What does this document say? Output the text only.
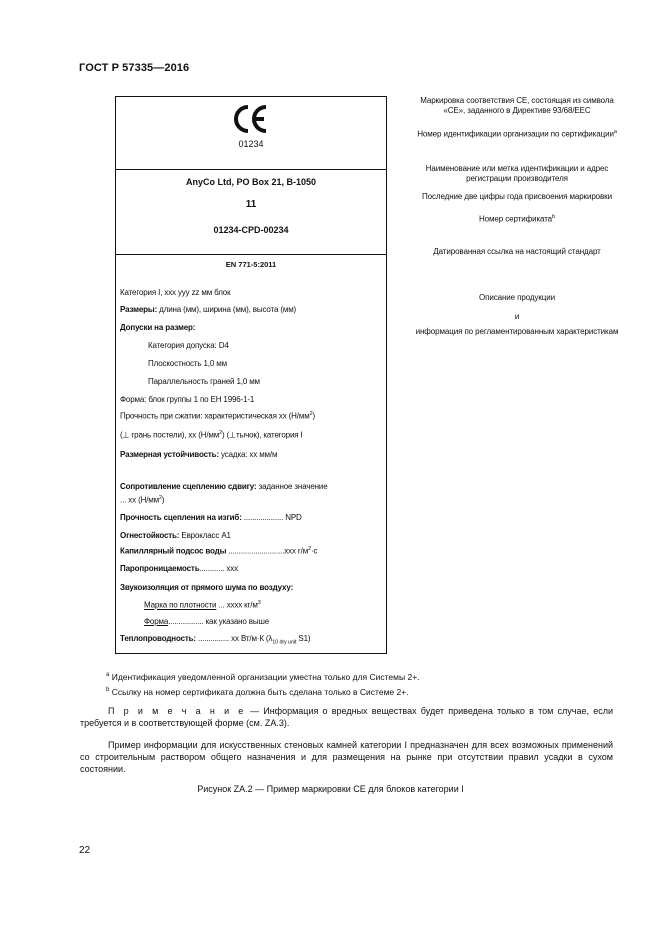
ГОСТ Р 57335—2016
01234
AnyCo Ltd, PO Box 21, B-1050
11
01234-CPD-00234
EN 771-5:2011
Категория I, ххх ууу zz мм блок
Размеры: длина (мм), ширина (мм), высота (мм)
Допуски на размер:
Категория допуска: D4
Плоскостность 1,0 мм
Параллельность граней 1,0 мм
Форма: блок группы 1 по ЕН 1996-1-1
Прочность при сжатии: характеристическая хх $(Н/мм^2)$
(⊥ грань постели), хх $(Н/мм^2)$ (⊥тычок), категория I
Размерная устойчивость: усадка: хх мм/м
Сопротивление сцеплению сдвигу: заданное значение
... хх $(Н/мм^2)$
Прочность сцепления на изгиб: ................... NPD
Огнестойкость: Еврокласс А1
Капиллярный подсос воды ...........................ххх $г/м^2\cdot с$
Паропроницаемость............ ххх
Звукоизоляция от прямого шума по воздуху:
Марка по плотности ... хххх $кг/м^3$
Форма................. как указано выше
Теплопроводность: ............... хх Вт/м·К ($\lambda_{10 dry unit}$ S1)
Маркировка соответствия СЕ, состоящая из символа «СЕ», заданного в Директиве 93/68/ЕЕС
Номер идентификации организации по сертификации$^a$
Наименование или метка идентификации и адрес регистрации производителя
Последние две цифры года присвоения маркировки
Номер сертификата$^b$
Датированная ссылка на настоящий стандарт
Описание продукции
и
информация по регламентированным характеристикам
$^a$ Идентификация уведомленной организации уместна только для Системы 2+.
$^b$ Ссылку на номер сертификата должна быть сделана только в Системе 2+.
П р и м е ч а н и е — Информация о вредных веществах будет приведена только в том случае, если требуется и в соответствующей форме (см. ZA.3).
Пример информации для искусственных стеновых камней категории I предназначен для всех возможных применений со строительным раствором общего назначения и для размещения на рынке при отсутствии правил усадки в сухом состоянии.
Рисунок ZA.2 — Пример маркировки CE для блоков категории I
22
